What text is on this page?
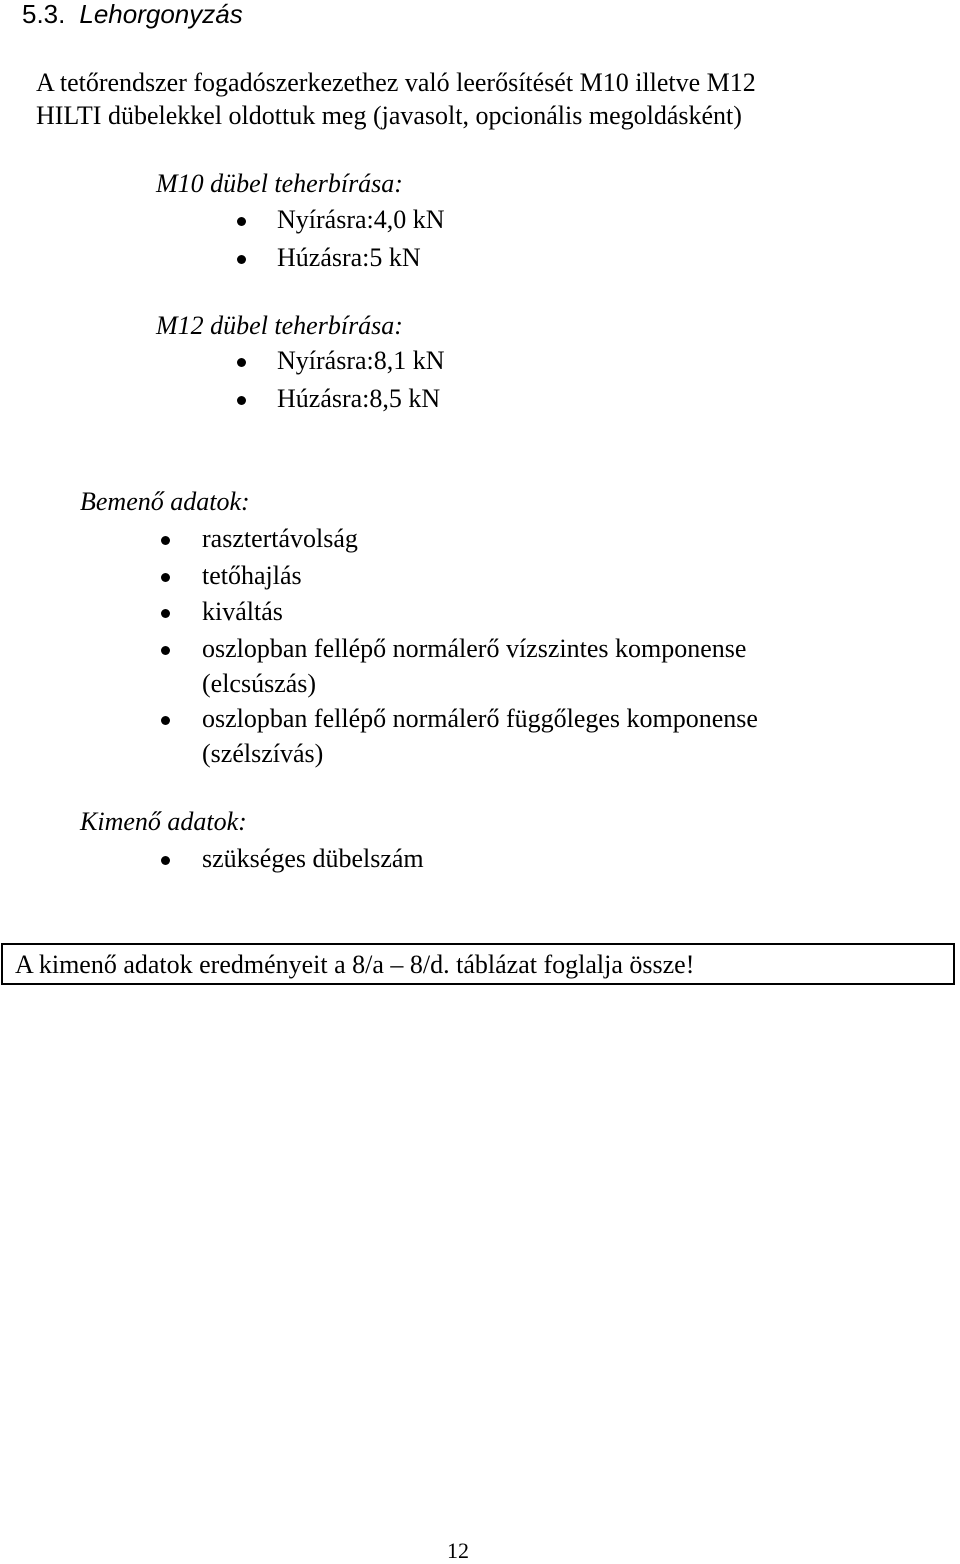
5.3. Lehorgonyzás
A tetőrendszer fogadószerkezethez való leerősítését M10 illetve M12
HILTI dübelekkel oldottuk meg (javasolt, opcionális megoldásként)
M10 dübel teherbírása:
Nyírásra:4,0 kN
Húzásra:5 kN
M12 dübel teherbírása:
Nyírásra:8,1 kN
Húzásra:8,5 kN
Bemenő adatok:
rasztertávolság
tetőhajlás
kiváltás
oszlopban fellépő normálerő vízszintes komponense
(elcsúszás)
oszlopban fellépő normálerő függőleges komponense
(szélszívás)
Kimenő adatok:
szükséges dübelszám
A kimenő adatok eredményeit a 8/a – 8/d. táblázat foglalja össze!
12
